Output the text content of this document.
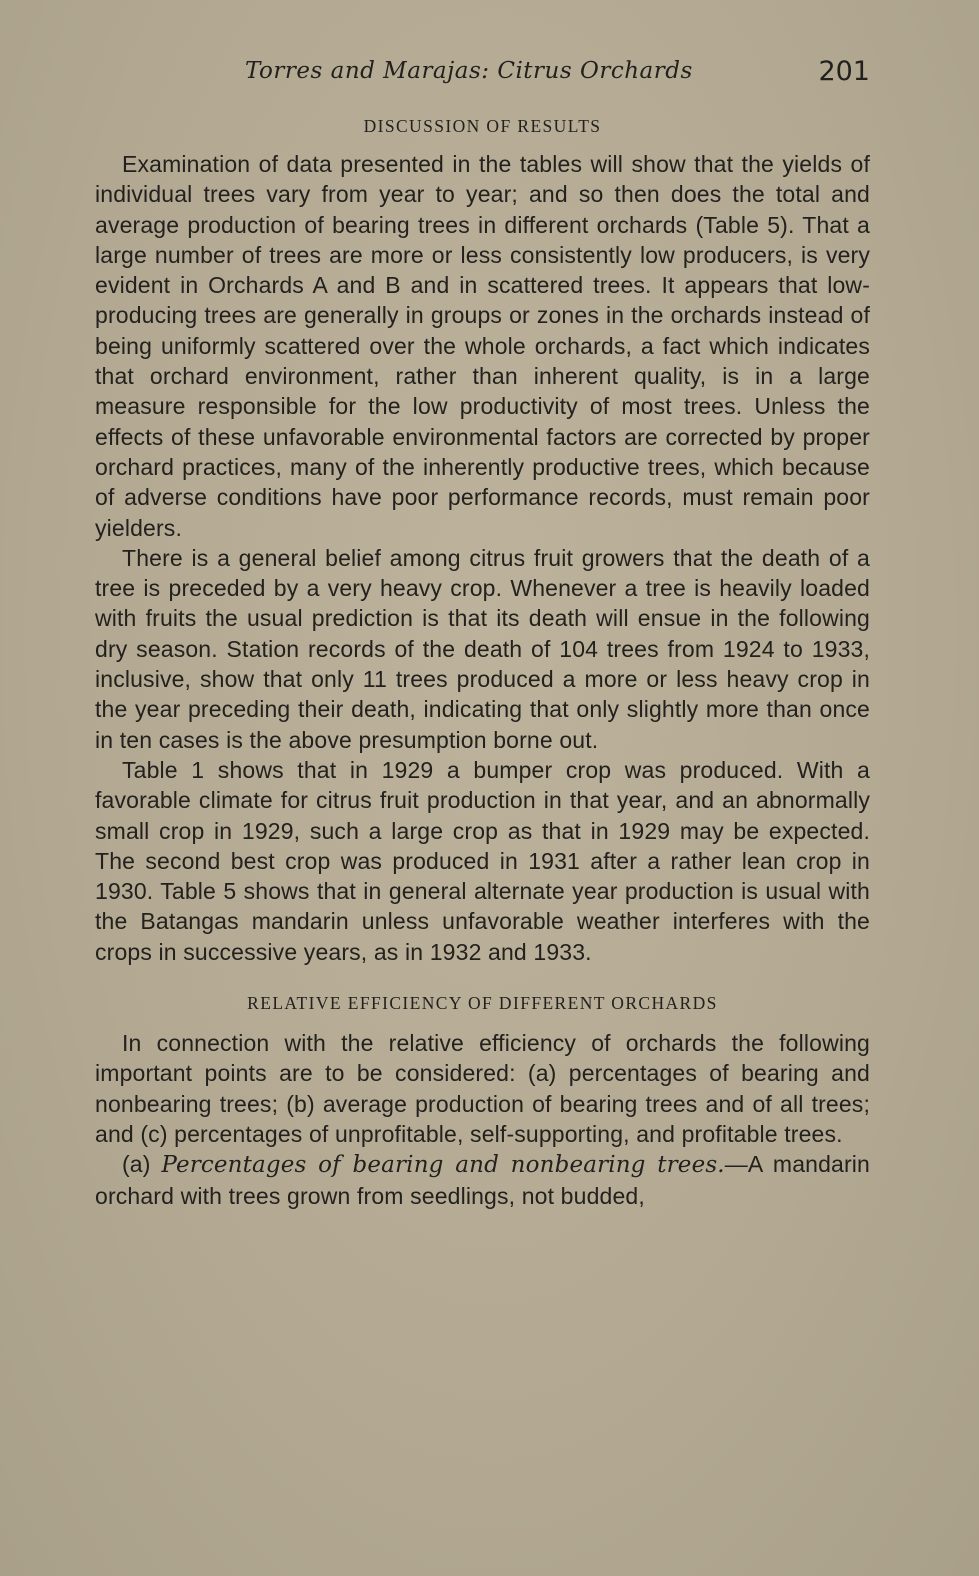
Torres and Marajas: Citrus Orchards	201
DISCUSSION OF RESULTS

Examination of data presented in the tables will show that the yields of individual trees vary from year to year; and so then does the total and average production of bearing trees in different orchards (Table 5). That a large number of trees are more or less consistently low producers, is very evident in Orchards A and B and in scattered trees. It appears that low-producing trees are generally in groups or zones in the orchards instead of being uniformly scattered over the whole orchards, a fact which indicates that orchard environment, rather than inherent quality, is in a large measure responsible for the low productivity of most trees. Unless the effects of these unfavorable environmental factors are corrected by proper orchard practices, many of the inherently productive trees, which because of adverse conditions have poor performance records, must remain poor yielders.

There is a general belief among citrus fruit growers that the death of a tree is preceded by a very heavy crop. Whenever a tree is heavily loaded with fruits the usual prediction is that its death will ensue in the following dry season. Station records of the death of 104 trees from 1924 to 1933, inclusive, show that only 11 trees produced a more or less heavy crop in the year preceding their death, indicating that only slightly more than once in ten cases is the above presumption borne out.

Table 1 shows that in 1929 a bumper crop was produced. With a favorable climate for citrus fruit production in that year, and an abnormally small crop in 1929, such a large crop as that in 1929 may be expected. The second best crop was produced in 1931 after a rather lean crop in 1930. Table 5 shows that in general alternate year production is usual with the Batangas mandarin unless unfavorable weather interferes with the crops in successive years, as in 1932 and 1933.

RELATIVE EFFICIENCY OF DIFFERENT ORCHARDS

In connection with the relative efficiency of orchards the following important points are to be considered: (a) percentages of bearing and nonbearing trees; (b) average production of bearing trees and of all trees; and (c) percentages of unprofitable, self-supporting, and profitable trees.

(a) Percentages of bearing and nonbearing trees.—A mandarin orchard with trees grown from seedlings, not budded,
